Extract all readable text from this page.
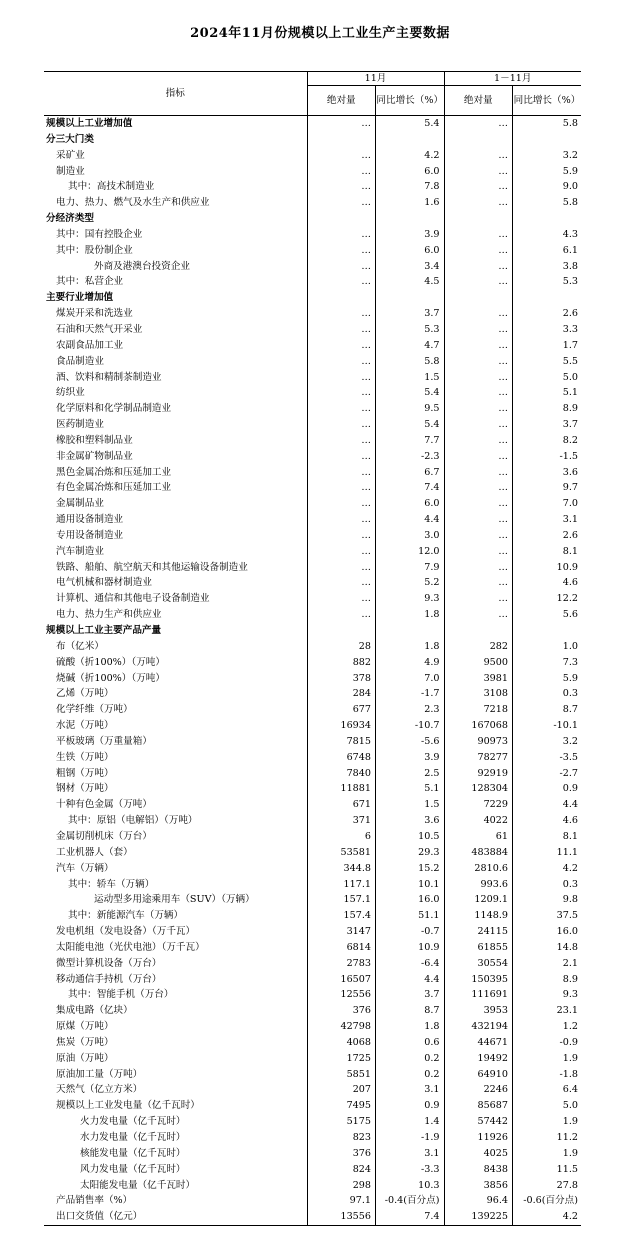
2024年11月份规模以上工业生产主要数据
指标	11月		1－11月	
	绝对量	同比增长（%）	绝对量	同比增长（%）
规模以上工业增加值	…	5.4	…	5.8
分三大门类				
采矿业	…	4.2	…	3.2
制造业	…	6.0	…	5.9
其中：高技术制造业	…	7.8	…	9.0
电力、热力、燃气及水生产和供应业	…	1.6	…	5.8
分经济类型				
其中：国有控股企业	…	3.9	…	4.3
其中：股份制企业	…	6.0	…	6.1
外商及港澳台投资企业	…	3.4	…	3.8
其中：私营企业	…	4.5	…	5.3
主要行业增加值				
煤炭开采和洗选业	…	3.7	…	2.6
石油和天然气开采业	…	5.3	…	3.3
农副食品加工业	…	4.7	…	1.7
食品制造业	…	5.8	…	5.5
酒、饮料和精制茶制造业	…	1.5	…	5.0
纺织业	…	5.4	…	5.1
化学原料和化学制品制造业	…	9.5	…	8.9
医药制造业	…	5.4	…	3.7
橡胶和塑料制品业	…	7.7	…	8.2
非金属矿物制品业	…	-2.3	…	-1.5
黑色金属冶炼和压延加工业	…	6.7	…	3.6
有色金属冶炼和压延加工业	…	7.4	…	9.7
金属制品业	…	6.0	…	7.0
通用设备制造业	…	4.4	…	3.1
专用设备制造业	…	3.0	…	2.6
汽车制造业	…	12.0	…	8.1
铁路、船舶、航空航天和其他运输设备制造业	…	7.9	…	10.9
电气机械和器材制造业	…	5.2	…	4.6
计算机、通信和其他电子设备制造业	…	9.3	…	12.2
电力、热力生产和供应业	…	1.8	…	5.6
规模以上工业主要产品产量				
布（亿米）	28	1.8	282	1.0
硫酸（折100%）（万吨）	882	4.9	9500	7.3
烧碱（折100%）（万吨）	378	7.0	3981	5.9
乙烯（万吨）	284	-1.7	3108	0.3
化学纤维（万吨）	677	2.3	7218	8.7
水泥（万吨）	16934	-10.7	167068	-10.1
平板玻璃（万重量箱）	7815	-5.6	90973	3.2
生铁（万吨）	6748	3.9	78277	-3.5
粗钢（万吨）	7840	2.5	92919	-2.7
钢材（万吨）	11881	5.1	128304	0.9
十种有色金属（万吨）	671	1.5	7229	4.4
其中：原铝（电解铝）（万吨）	371	3.6	4022	4.6
金属切削机床（万台）	6	10.5	61	8.1
工业机器人（套）	53581	29.3	483884	11.1
汽车（万辆）	344.8	15.2	2810.6	4.2
其中：轿车（万辆）	117.1	10.1	993.6	0.3
运动型多用途乘用车（SUV）（万辆）	157.1	16.0	1209.1	9.8
其中：新能源汽车（万辆）	157.4	51.1	1148.9	37.5
发电机组（发电设备）（万千瓦）	3147	-0.7	24115	16.0
太阳能电池（光伏电池）（万千瓦）	6814	10.9	61855	14.8
微型计算机设备（万台）	2783	-6.4	30554	2.1
移动通信手持机（万台）	16507	4.4	150395	8.9
其中：智能手机（万台）	12556	3.7	111691	9.3
集成电路（亿块）	376	8.7	3953	23.1
原煤（万吨）	42798	1.8	432194	1.2
焦炭（万吨）	4068	0.6	44671	-0.9
原油（万吨）	1725	0.2	19492	1.9
原油加工量（万吨）	5851	0.2	64910	-1.8
天然气（亿立方米）	207	3.1	2246	6.4
规模以上工业发电量（亿千瓦时）	7495	0.9	85687	5.0
火力发电量（亿千瓦时）	5175	1.4	57442	1.9
水力发电量（亿千瓦时）	823	-1.9	11926	11.2
核能发电量（亿千瓦时）	376	3.1	4025	1.9
风力发电量（亿千瓦时）	824	-3.3	8438	11.5
太阳能发电量（亿千瓦时）	298	10.3	3856	27.8
产品销售率（%）	97.1	-0.4(百分点)	96.4	-0.6(百分点)
出口交货值（亿元）	13556	7.4	139225	4.2
